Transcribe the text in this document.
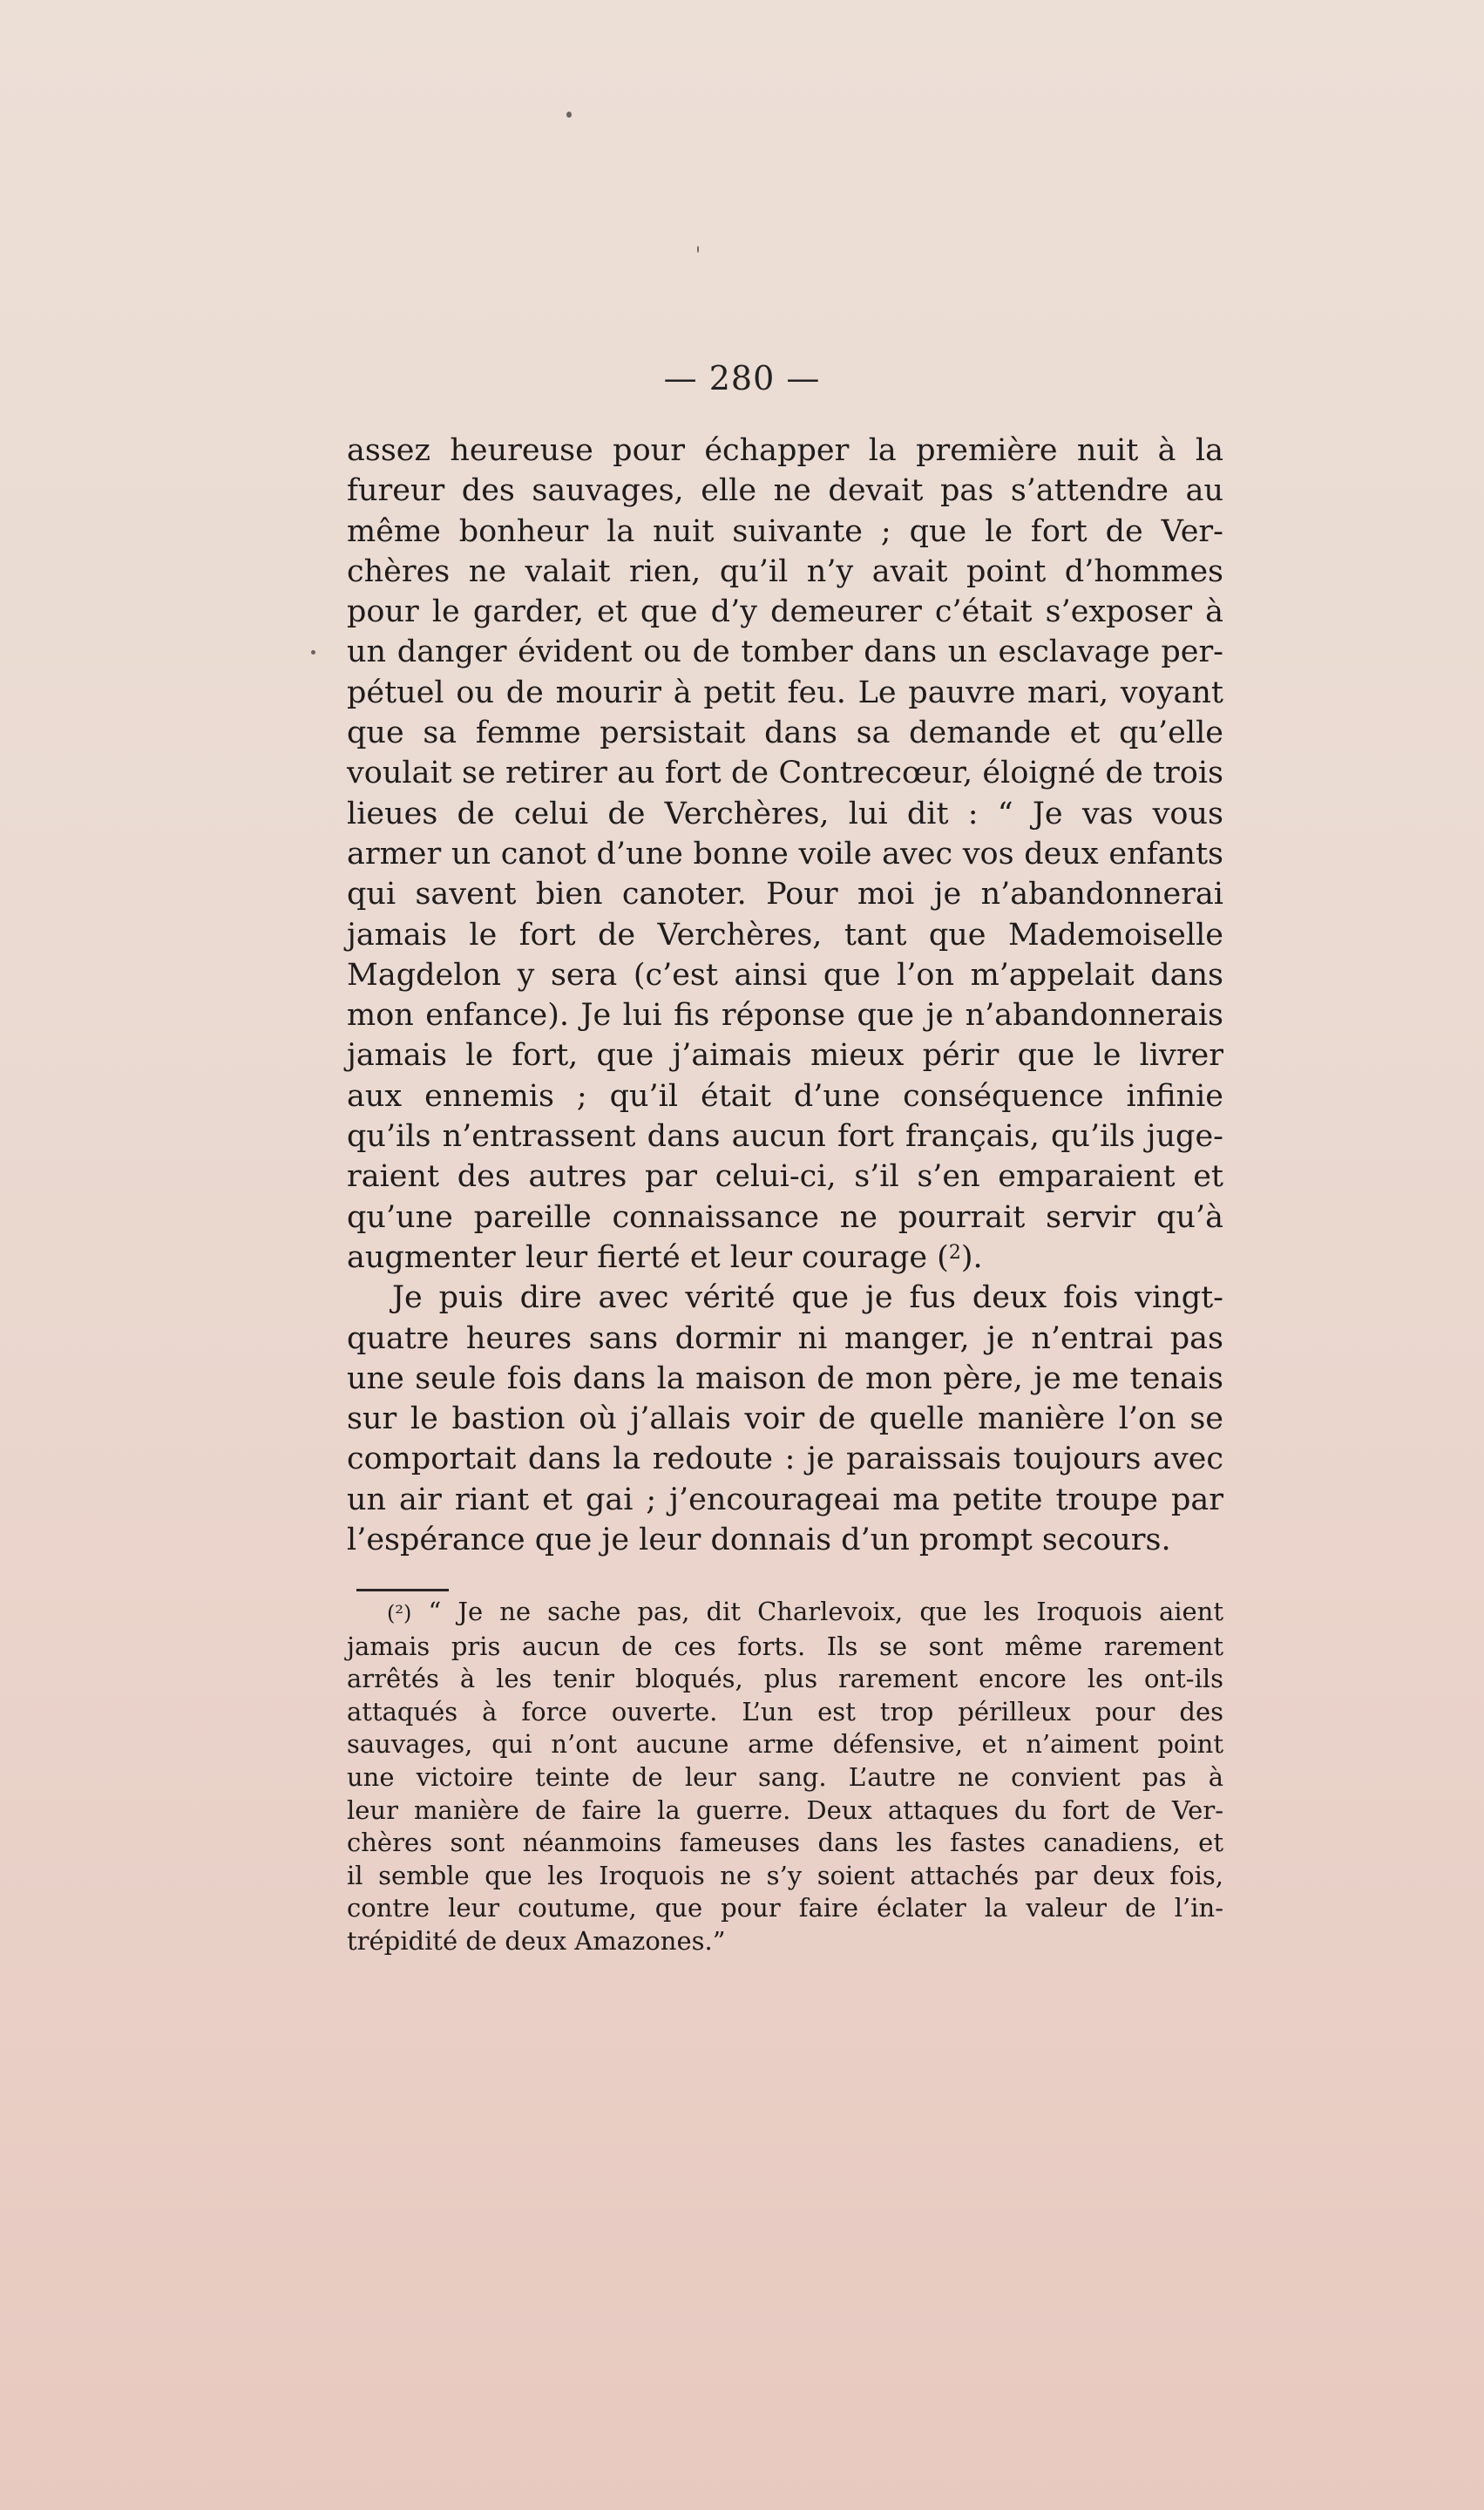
— 280 —
assez heureuse pour échapper la première nuit à la
fureur des sauvages, elle ne devait pas s’attendre au
même bonheur la nuit suivante ; que le fort de Ver-
chères ne valait rien, qu’il n’y avait point d’hommes
pour le garder, et que d’y demeurer c’était s’exposer à
un danger évident ou de tomber dans un esclavage per-
pétuel ou de mourir à petit feu. Le pauvre mari, voyant
que sa femme persistait dans sa demande et qu’elle
voulait se retirer au fort de Contrecœur, éloigné de trois
lieues de celui de Verchères, lui dit : “ Je vas vous
armer un canot d’une bonne voile avec vos deux enfants
qui savent bien canoter. Pour moi je n’abandonnerai
jamais le fort de Verchères, tant que Mademoiselle
Magdelon y sera (c’est ainsi que l’on m’appelait dans
mon enfance). Je lui fis réponse que je n’abandonnerais
jamais le fort, que j’aimais mieux périr que le livrer
aux ennemis ; qu’il était d’une conséquence infinie
qu’ils n’entrassent dans aucun fort français, qu’ils juge-
raient des autres par celui-ci, s’il s’en emparaient et
qu’une pareille connaissance ne pourrait servir qu’à
augmenter leur fierté et leur courage ($^2$).
Je puis dire avec vérité que je fus deux fois vingt-
quatre heures sans dormir ni manger, je n’entrai pas
une seule fois dans la maison de mon père, je me tenais
sur le bastion où j’allais voir de quelle manière l’on se
comportait dans la redoute : je paraissais toujours avec
un air riant et gai ; j’encourageai ma petite troupe par
l’espérance que je leur donnais d’un prompt secours.
(²) “ Je ne sache pas, dit Charlevoix, que les Iroquois aient
jamais pris aucun de ces forts. Ils se sont même rarement
arrêtés à les tenir bloqués, plus rarement encore les ont-ils
attaqués à force ouverte. L’un est trop périlleux pour des
sauvages, qui n’ont aucune arme défensive, et n’aiment point
une victoire teinte de leur sang. L’autre ne convient pas à
leur manière de faire la guerre. Deux attaques du fort de Ver-
chères sont néanmoins fameuses dans les fastes canadiens, et
il semble que les Iroquois ne s’y soient attachés par deux fois,
contre leur coutume, que pour faire éclater la valeur de l’in-
trépidité de deux Amazones.”
